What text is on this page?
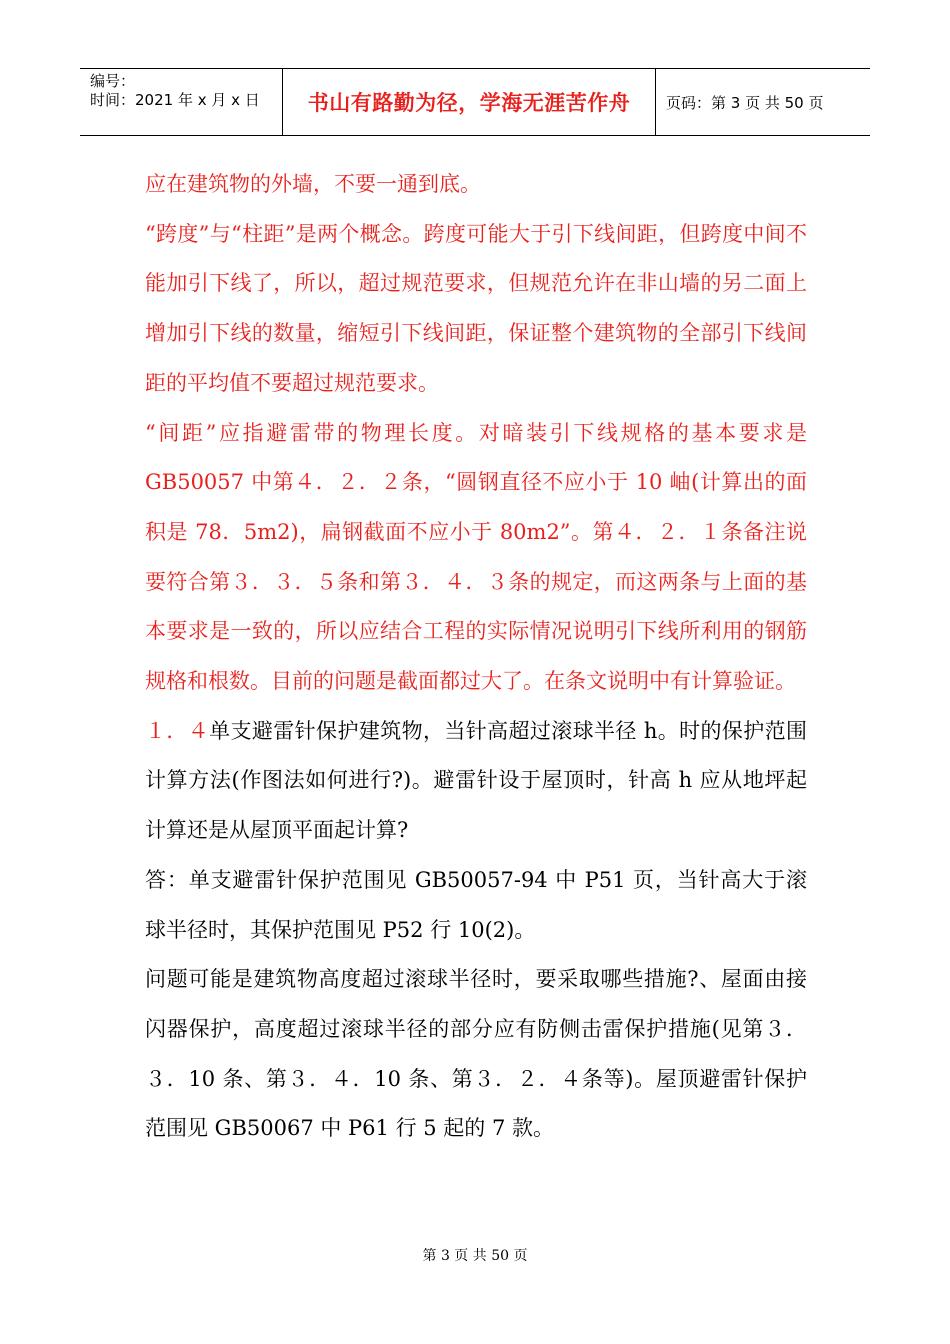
编号：
时间：2021 年 x 月 x 日 书山有路勤为径，学海无涯苦作舟 页码：第 3 页 共 50 页

应在建筑物的外墙，不要一通到底。

“跨度”与“柱距”是两个概念。跨度可能大于引下线间距，但跨度中间不能加引下线了，所以，超过规范要求，但规范允许在非山墙的另二面上增加引下线的数量，缩短引下线间距，保证整个建筑物的全部引下线间距的平均值不要超过规范要求。

“间距”应指避雷带的物理长度。对暗装引下线规格的基本要求是GB50057 中第４．２．２条，“圆钢直径不应小于 10 岫(计算出的面积是 78．5m2)，扁钢截面不应小于 80m2”。第４．２．１条备注说要符合第３．３．５条和第３．４．３条的规定，而这两条与上面的基本要求是一致的，所以应结合工程的实际情况说明引下线所利用的钢筋规格和根数。目前的问题是截面都过大了。在条文说明中有计算验证。

１．４单支避雷针保护建筑物，当针高超过滚球半径 h。时的保护范围计算方法(作图法如何进行?)。避雷针设于屋顶时，针高 h 应从地坪起计算还是从屋顶平面起计算?

答：单支避雷针保护范围见 GB50057-94 中 P51 页，当针高大于滚球半径时，其保护范围见 P52 行 10(2)。

问题可能是建筑物高度超过滚球半径时，要采取哪些措施?、屋面由接闪器保护，高度超过滚球半径的部分应有防侧击雷保护措施(见第３．３．10 条、第３．４．10 条、第３．２．４条等)。屋顶避雷针保护范围见 GB50067 中 P61 行 5 起的 7 款。

第 3 页 共 50 页
